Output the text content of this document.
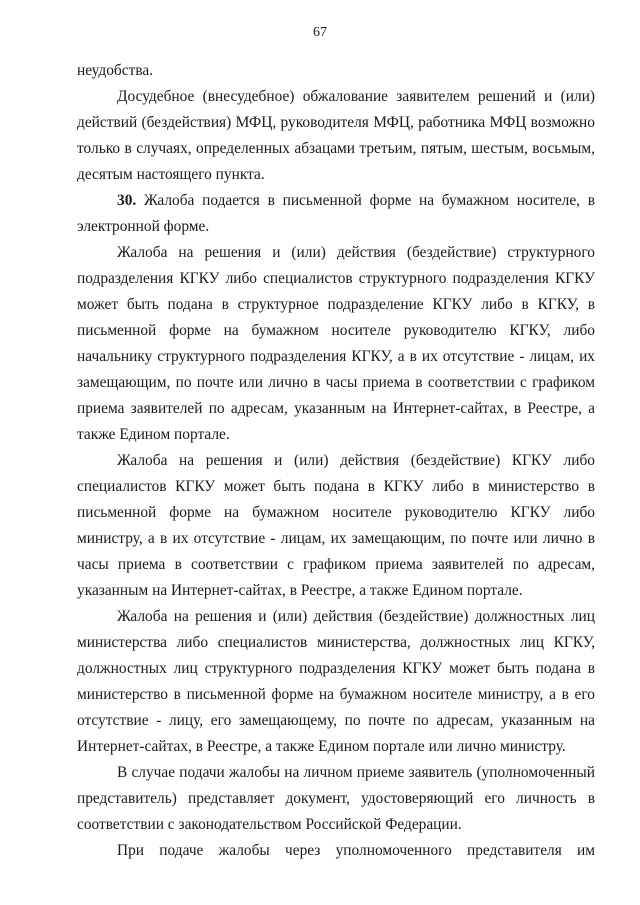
67

неудобства.

Досудебное (внесудебное) обжалование заявителем решений и (или) действий (бездействия) МФЦ, руководителя МФЦ, работника МФЦ возможно только в случаях, определенных абзацами третьим, пятым, шестым, восьмым, десятым настоящего пункта.

30. Жалоба подается в письменной форме на бумажном носителе, в электронной форме.

Жалоба на решения и (или) действия (бездействие) структурного подразделения КГКУ либо специалистов структурного подразделения КГКУ может быть подана в структурное подразделение КГКУ либо в КГКУ, в письменной форме на бумажном носителе руководителю КГКУ, либо начальнику структурного подразделения КГКУ, а в их отсутствие - лицам, их замещающим, по почте или лично в часы приема в соответствии с графиком приема заявителей по адресам, указанным на Интернет-сайтах, в Реестре, а также Едином портале.

Жалоба на решения и (или) действия (бездействие) КГКУ либо специалистов КГКУ может быть подана в КГКУ либо в министерство в письменной форме на бумажном носителе руководителю КГКУ либо министру, а в их отсутствие - лицам, их замещающим, по почте или лично в часы приема в соответствии с графиком приема заявителей по адресам, указанным на Интернет-сайтах, в Реестре, а также Едином портале.

Жалоба на решения и (или) действия (бездействие) должностных лиц министерства либо специалистов министерства, должностных лиц КГКУ, должностных лиц структурного подразделения КГКУ может быть подана в министерство в письменной форме на бумажном носителе министру, а в его отсутствие - лицу, его замещающему, по почте по адресам, указанным на Интернет-сайтах, в Реестре, а также Едином портале или лично министру.

В случае подачи жалобы на личном приеме заявитель (уполномоченный представитель) представляет документ, удостоверяющий его личность в соответствии с законодательством Российской Федерации.

При подаче жалобы через уполномоченного представителя им
